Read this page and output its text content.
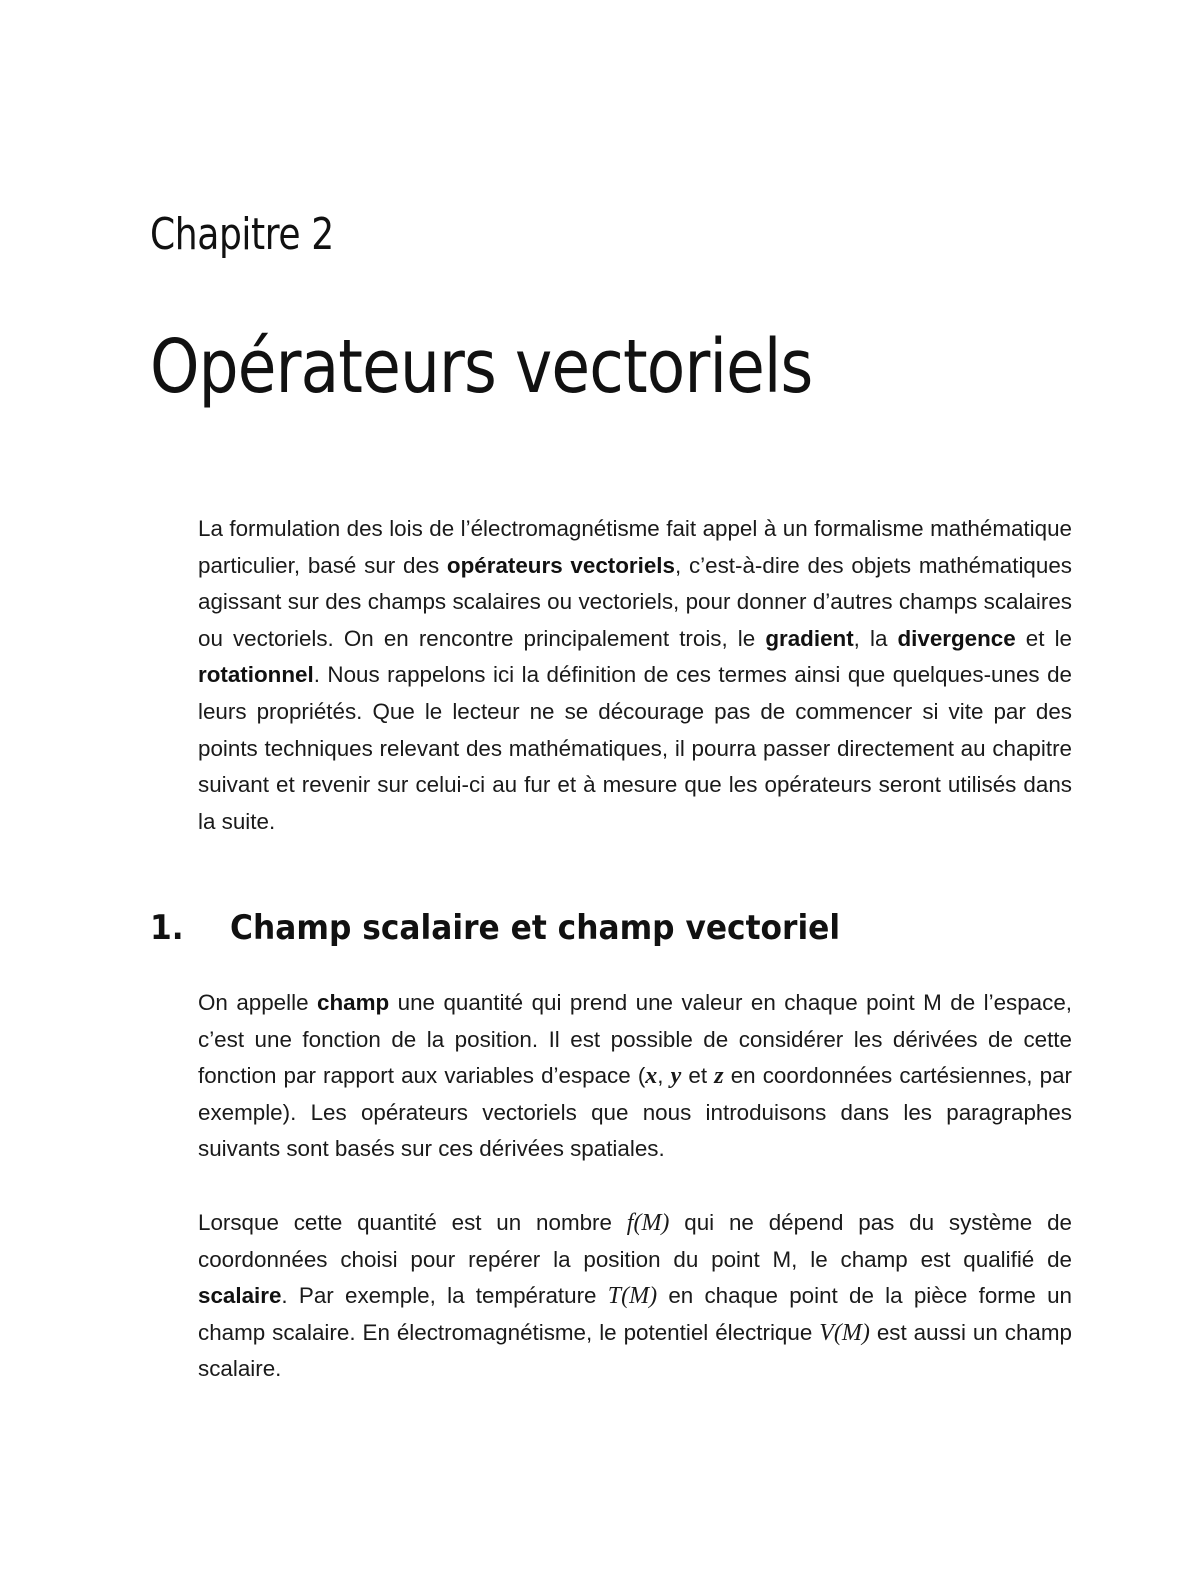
Chapitre 2
Opérateurs vectoriels

La formulation des lois de l’électromagnétisme fait appel à un formalisme mathématique particulier, basé sur des opérateurs vectoriels, c’est-à-dire des objets mathématiques agissant sur des champs scalaires ou vectoriels, pour donner d’autres champs scalaires ou vectoriels. On en rencontre principalement trois, le gradient, la divergence et le rotationnel. Nous rappelons ici la définition de ces termes ainsi que quelques-unes de leurs propriétés. Que le lecteur ne se décourage pas de commencer si vite par des points techniques relevant des mathématiques, il pourra passer directement au chapitre suivant et revenir sur celui-ci au fur et à mesure que les opérateurs seront utilisés dans la suite.

1. Champ scalaire et champ vectoriel

On appelle champ une quantité qui prend une valeur en chaque point M de l’espace, c’est une fonction de la position. Il est possible de considérer les dérivées de cette fonction par rapport aux variables d’espace (x, y et z en coordonnées cartésiennes, par exemple). Les opérateurs vectoriels que nous introduisons dans les paragraphes suivants sont basés sur ces dérivées spatiales.

Lorsque cette quantité est un nombre f(M) qui ne dépend pas du système de coordonnées choisi pour repérer la position du point M, le champ est qualifié de scalaire. Par exemple, la température T(M) en chaque point de la pièce forme un champ scalaire. En électromagnétisme, le potentiel électrique V(M) est aussi un champ scalaire.
